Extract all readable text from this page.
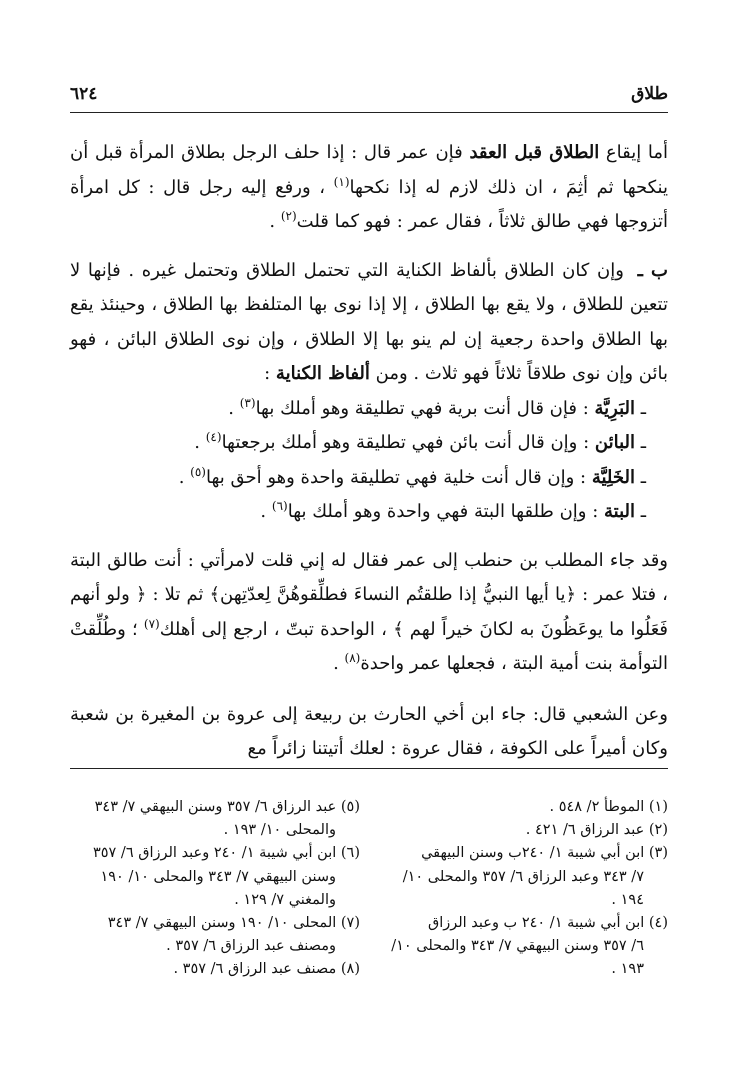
طلاق
٦٢٤

أما إيقاع الطلاق قبل العقد فإن عمر قال : إذا حلف الرجل بطلاق المرأة قبل أن ينكحها ثم أثِمَ ، ان ذلك لازم له إذا نكحها$^{(١)}$ ، ورفع إليه رجل قال : كل امرأة أتزوجها فهي طالق ثلاثاً ، فقال عمر : فهو كما قلت$^{(٢)}$ .

ب ـ وإن كان الطلاق بألفاظ الكناية التي تحتمل الطلاق وتحتمل غيره . فإنها لا تتعين للطلاق ، ولا يقع بها الطلاق ، إلا إذا نوى بها المتلفظ بها الطلاق ، وحينئذ يقع بها الطلاق واحدة رجعية إن لم ينو بها إلا الطلاق ، وإن نوى الطلاق البائن ، فهو بائن وإن نوى طلاقاً ثلاثاً فهو ثلاث . ومن ألفاظ الكناية :

ـ البَرِيَّة : فإن قال أنت برية فهي تطليقة وهو أملك بها$^{(٣)}$ .

ـ البائن : وإن قال أنت بائن فهي تطليقة وهو أملك برجعتها$^{(٤)}$ .

ـ الخَلِيَّة : وإن قال أنت خلية فهي تطليقة واحدة وهو أحق بها$^{(٥)}$ .

ـ البتة : وإن طلقها البتة فهي واحدة وهو أملك بها$^{(٦)}$ .

وقد جاء المطلب بن حنطب إلى عمر فقال له إني قلت لامرأتي : أنت طالق البتة ، فتلا عمر : ﴿يا أيها النبيُّ إذا طلقتُم النساءَ فطلِّقوهُنَّ لِعدّتِهن﴾ ثم تلا : ﴿ ولو أنهم فَعَلُوا ما يوعَظُونَ به لكانَ خيراً لهم ﴾ ، الواحدة تبتّ ، ارجع إلى أهلك$^{(٧)}$ ؛ وطُلِّقتْ التوأمة بنت أمية البتة ، فجعلها عمر واحدة$^{(٨)}$ .

وعن الشعبي قال: جاء ابن أخي الحارث بن ربيعة إلى عروة بن المغيرة بن شعبة وكان أميراً على الكوفة ، فقال عروة : لعلك أتيتنا زائراً مع

(١) الموطأ ٢/ ٥٤٨ .

(٢) عبد الرزاق ٦/ ٤٢١ .

(٣) ابن أبي شيبة ١/ ٢٤٠ب وسنن البيهقي

٧/ ٣٤٣ وعبد الرزاق ٦/ ٣٥٧ والمحلى ١٠/ ١٩٤ .

(٤) ابن أبي شيبة ١/ ٢٤٠ ب وعبد الرزاق

٦/ ٣٥٧ وسنن البيهقي ٧/ ٣٤٣ والمحلى ١٠/ ١٩٣ .

(٥) عبد الرزاق ٦/ ٣٥٧ وسنن البيهقي ٧/ ٣٤٣

والمحلى ١٠/ ١٩٣ .

(٦) ابن أبي شيبة ١/ ٢٤٠ وعبد الرزاق ٦/ ٣٥٧

وسنن البيهقي ٧/ ٣٤٣ والمحلى ١٠/ ١٩٠ والمغني ٧/ ١٢٩ .

(٧) المحلى ١٠/ ١٩٠ وسنن البيهقي ٧/ ٣٤٣

ومصنف عبد الرزاق ٦/ ٣٥٧ .

(٨) مصنف عبد الرزاق ٦/ ٣٥٧ .
